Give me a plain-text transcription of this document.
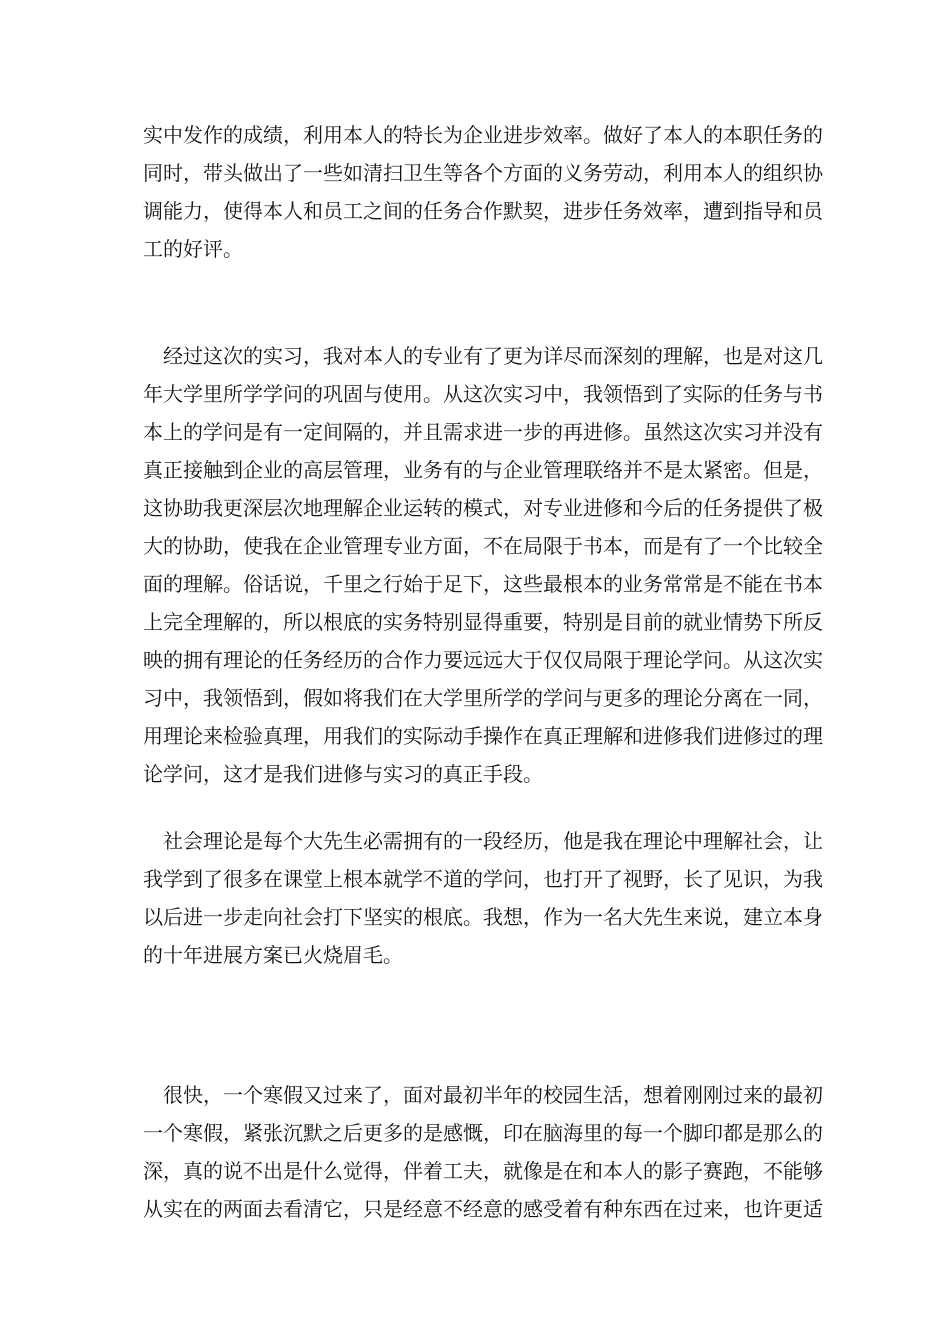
实中发作的成绩，利用本人的特长为企业进步效率。做好了本人的本职任务的
同时，带头做出了一些如清扫卫生等各个方面的义务劳动，利用本人的组织协
调能力，使得本人和员工之间的任务合作默契，进步任务效率，遭到指导和员
工的好评。
　经过这次的实习，我对本人的专业有了更为详尽而深刻的理解，也是对这几
年大学里所学学问的巩固与使用。从这次实习中，我领悟到了实际的任务与书
本上的学问是有一定间隔的，并且需求进一步的再进修。虽然这次实习并没有
真正接触到企业的高层管理，业务有的与企业管理联络并不是太紧密。但是，
这协助我更深层次地理解企业运转的模式，对专业进修和今后的任务提供了极
大的协助，使我在企业管理专业方面，不在局限于书本，而是有了一个比较全
面的理解。俗话说，千里之行始于足下，这些最根本的业务常常是不能在书本
上完全理解的，所以根底的实务特别显得重要，特别是目前的就业情势下所反
映的拥有理论的任务经历的合作力要远远大于仅仅局限于理论学问。从这次实
习中，我领悟到，假如将我们在大学里所学的学问与更多的理论分离在一同，
用理论来检验真理，用我们的实际动手操作在真正理解和进修我们进修过的理
论学问，这才是我们进修与实习的真正手段。
　社会理论是每个大先生必需拥有的一段经历，他是我在理论中理解社会，让
我学到了很多在课堂上根本就学不道的学问，也打开了视野，长了见识，为我
以后进一步走向社会打下坚实的根底。我想，作为一名大先生来说，建立本身
的十年进展方案已火烧眉毛。
　很快，一个寒假又过来了，面对最初半年的校园生活，想着刚刚过来的最初
一个寒假，紧张沉默之后更多的是感慨，印在脑海里的每一个脚印都是那么的
深，真的说不出是什么觉得，伴着工夫，就像是在和本人的影子赛跑，不能够
从实在的两面去看清它，只是经意不经意的感受着有种东西在过来，也许更适
